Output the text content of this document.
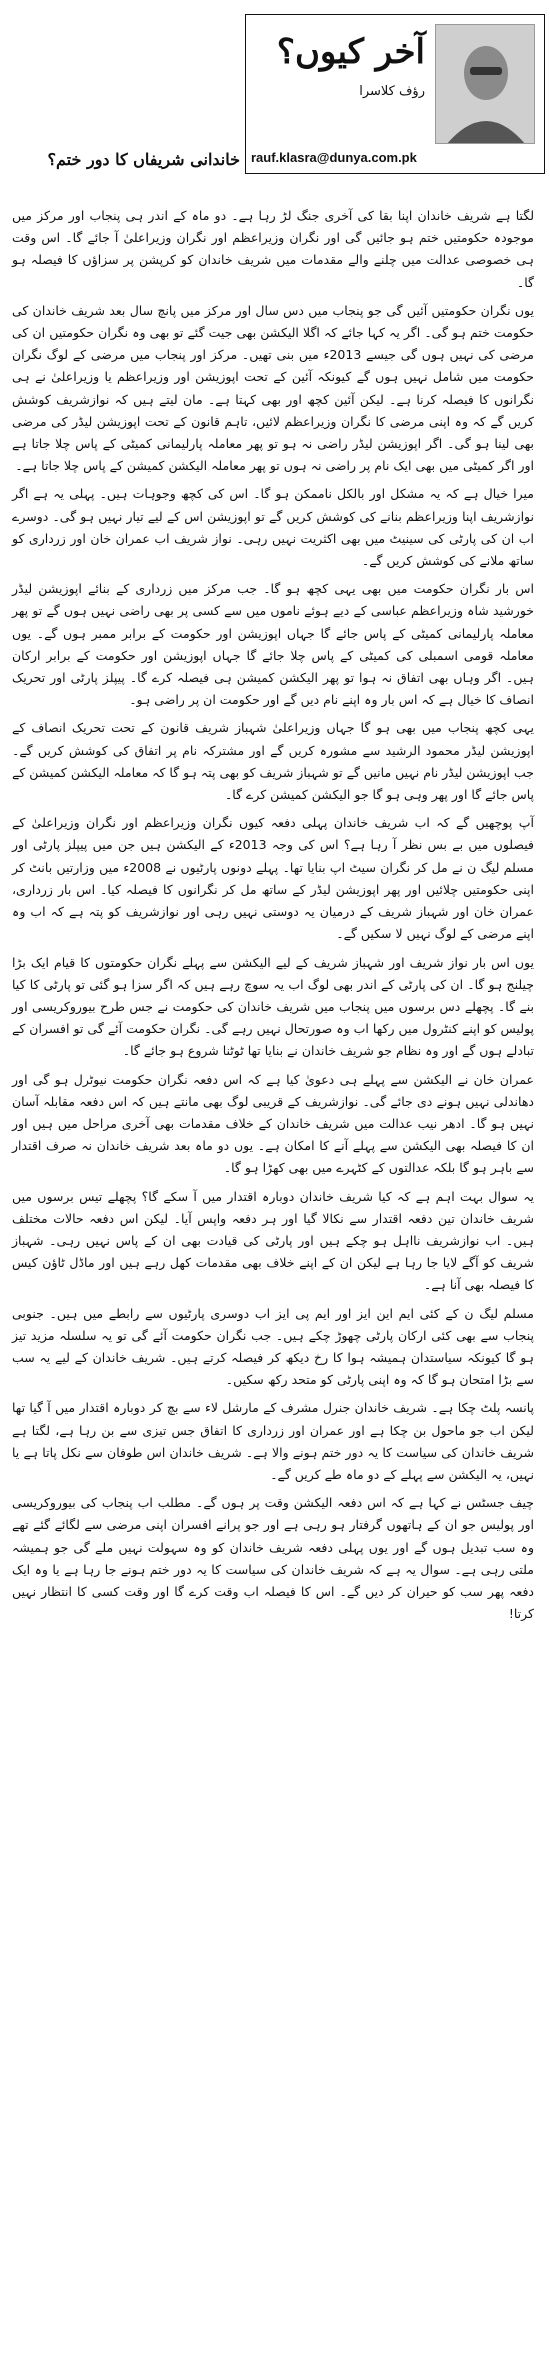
آخر کیوں؟
رؤف کلاسرا
rauf.klasra@dunya.com.pk
خاندانی شریفاں کا دور ختم؟

لگتا ہے شریف خاندان اپنا بقا کی آخری جنگ لڑ رہا ہے۔ دو ماہ کے اندر ہی پنجاب اور مرکز میں موجودہ حکومتیں ختم ہو جائیں گی اور نگران وزیراعظم اور نگران وزیراعلیٰ آ جائے گا۔ اس وقت ہی خصوصی عدالت میں چلنے والے مقدمات میں شریف خاندان کو کرپشن پر سزاؤں کا فیصلہ ہو گا۔

یوں نگران حکومتیں آئیں گی جو پنجاب میں دس سال اور مرکز میں پانچ سال بعد شریف خاندان کی حکومت ختم ہو گی۔ اگر یہ کہا جائے کہ اگلا الیکشن بھی جیت گئے تو بھی وہ نگران حکومتیں ان کی مرضی کی نہیں ہوں گی جیسے 2013ء میں بنی تھیں۔ مرکز اور پنجاب میں مرضی کے لوگ نگران حکومت میں شامل نہیں ہوں گے کیونکہ آئین کے تحت اپوزیشن اور وزیراعظم یا وزیراعلیٰ نے ہی نگرانوں کا فیصلہ کرنا ہے۔ لیکن آئین کچھ اور بھی کہتا ہے۔ مان لیتے ہیں کہ نوازشریف کوشش کریں گے کہ وہ اپنی مرضی کا نگران وزیراعظم لائیں، تاہم قانون کے تحت اپوزیشن لیڈر کی مرضی بھی لینا ہو گی۔ اگر اپوزیشن لیڈر راضی نہ ہو تو پھر معاملہ پارلیمانی کمیٹی کے پاس چلا جاتا ہے اور اگر کمیٹی میں بھی ایک نام پر راضی نہ ہوں تو پھر معاملہ الیکشن کمیشن کے پاس چلا جاتا ہے۔

میرا خیال ہے کہ یہ مشکل اور بالکل ناممکن ہو گا۔ اس کی کچھ وجوہات ہیں۔ پہلی یہ ہے اگر نوازشریف اپنا وزیراعظم بنانے کی کوشش کریں گے تو اپوزیشن اس کے لیے تیار نہیں ہو گی۔ دوسرے اب ان کی پارٹی کی سینیٹ میں بھی اکثریت نہیں رہی۔ نواز شریف اب عمران خان اور زرداری کو ساتھ ملانے کی کوشش کریں گے۔

اس بار نگران حکومت میں بھی یہی کچھ ہو گا۔ جب مرکز میں زرداری کے بنائے اپوزیشن لیڈر خورشید شاہ وزیراعظم عباسی کے دیے ہوئے ناموں میں سے کسی پر بھی راضی نہیں ہوں گے تو پھر معاملہ پارلیمانی کمیٹی کے پاس جائے گا جہاں اپوزیشن اور حکومت کے برابر ممبر ہوں گے۔ یوں معاملہ قومی اسمبلی کی کمیٹی کے پاس چلا جائے گا جہاں اپوزیشن اور حکومت کے برابر ارکان ہیں۔ اگر وہاں بھی اتفاق نہ ہوا تو پھر الیکشن کمیشن ہی فیصلہ کرے گا۔ پیپلز پارٹی اور تحریک انصاف کا خیال ہے کہ اس بار وہ اپنے نام دیں گے اور حکومت ان پر راضی ہو۔

یہی کچھ پنجاب میں بھی ہو گا جہاں وزیراعلیٰ شہباز شریف قانون کے تحت تحریک انصاف کے اپوزیشن لیڈر محمود الرشید سے مشورہ کریں گے اور مشترکہ نام پر اتفاق کی کوشش کریں گے۔ جب اپوزیشن لیڈر نام نہیں مانیں گے تو شہباز شریف کو بھی پتہ ہو گا کہ معاملہ الیکشن کمیشن کے پاس جائے گا اور پھر وہی ہو گا جو الیکشن کمیشن کرے گا۔

آپ پوچھیں گے کہ اب شریف خاندان پہلی دفعہ کیوں نگران وزیراعظم اور نگران وزیراعلیٰ کے فیصلوں میں بے بس نظر آ رہا ہے؟ اس کی وجہ 2013ء کے الیکشن ہیں جن میں پیپلز پارٹی اور مسلم لیگ ن نے مل کر نگران سیٹ اپ بنایا تھا۔ پہلے دونوں پارٹیوں نے 2008ء میں وزارتیں بانٹ کر اپنی حکومتیں چلائیں اور پھر اپوزیشن لیڈر کے ساتھ مل کر نگرانوں کا فیصلہ کیا۔ اس بار زرداری، عمران خان اور شہباز شریف کے درمیان یہ دوستی نہیں رہی اور نوازشریف کو پتہ ہے کہ اب وہ اپنے مرضی کے لوگ نہیں لا سکیں گے۔

یوں اس بار نواز شریف اور شہباز شریف کے لیے الیکشن سے پہلے نگران حکومتوں کا قیام ایک بڑا چیلنج ہو گا۔ ان کی پارٹی کے اندر بھی لوگ اب یہ سوچ رہے ہیں کہ اگر سزا ہو گئی تو پارٹی کا کیا بنے گا۔ پچھلے دس برسوں میں پنجاب میں شریف خاندان کی حکومت نے جس طرح بیوروکریسی اور پولیس کو اپنے کنٹرول میں رکھا اب وہ صورتحال نہیں رہے گی۔ نگران حکومت آئے گی تو افسران کے تبادلے ہوں گے اور وہ نظام جو شریف خاندان نے بنایا تھا ٹوٹنا شروع ہو جائے گا۔

عمران خان نے الیکشن سے پہلے ہی دعویٰ کیا ہے کہ اس دفعہ نگران حکومت نیوٹرل ہو گی اور دھاندلی نہیں ہونے دی جائے گی۔ نوازشریف کے قریبی لوگ بھی مانتے ہیں کہ اس دفعہ مقابلہ آسان نہیں ہو گا۔ ادھر نیب عدالت میں شریف خاندان کے خلاف مقدمات بھی آخری مراحل میں ہیں اور ان کا فیصلہ بھی الیکشن سے پہلے آنے کا امکان ہے۔ یوں دو ماہ بعد شریف خاندان نہ صرف اقتدار سے باہر ہو گا بلکہ عدالتوں کے کٹہرے میں بھی کھڑا ہو گا۔

یہ سوال بہت اہم ہے کہ کیا شریف خاندان دوبارہ اقتدار میں آ سکے گا؟ پچھلے تیس برسوں میں شریف خاندان تین دفعہ اقتدار سے نکالا گیا اور ہر دفعہ واپس آیا۔ لیکن اس دفعہ حالات مختلف ہیں۔ اب نوازشریف نااہل ہو چکے ہیں اور پارٹی کی قیادت بھی ان کے پاس نہیں رہی۔ شہباز شریف کو آگے لایا جا رہا ہے لیکن ان کے اپنے خلاف بھی مقدمات کھل رہے ہیں اور ماڈل ٹاؤن کیس کا فیصلہ بھی آنا ہے۔

مسلم لیگ ن کے کئی ایم این ایز اور ایم پی ایز اب دوسری پارٹیوں سے رابطے میں ہیں۔ جنوبی پنجاب سے بھی کئی ارکان پارٹی چھوڑ چکے ہیں۔ جب نگران حکومت آئے گی تو یہ سلسلہ مزید تیز ہو گا کیونکہ سیاستدان ہمیشہ ہوا کا رخ دیکھ کر فیصلہ کرتے ہیں۔ شریف خاندان کے لیے یہ سب سے بڑا امتحان ہو گا کہ وہ اپنی پارٹی کو متحد رکھ سکیں۔

پانسہ پلٹ چکا ہے۔ شریف خاندان جنرل مشرف کے مارشل لاء سے بچ کر دوبارہ اقتدار میں آ گیا تھا لیکن اب جو ماحول بن چکا ہے اور عمران اور زرداری کا اتفاق جس تیزی سے بن رہا ہے، لگتا ہے شریف خاندان کی سیاست کا یہ دور ختم ہونے والا ہے۔ شریف خاندان اس طوفان سے نکل پاتا ہے یا نہیں، یہ الیکشن سے پہلے کے دو ماہ طے کریں گے۔

چیف جسٹس نے کہا ہے کہ اس دفعہ الیکشن وقت پر ہوں گے۔ مطلب اب پنجاب کی بیوروکریسی اور پولیس جو ان کے ہاتھوں گرفتار ہو رہی ہے اور جو پرانے افسران اپنی مرضی سے لگائے گئے تھے وہ سب تبدیل ہوں گے اور یوں پہلی دفعہ شریف خاندان کو وہ سہولت نہیں ملے گی جو ہمیشہ ملتی رہی ہے۔ سوال یہ ہے کہ شریف خاندان کی سیاست کا یہ دور ختم ہونے جا رہا ہے یا وہ ایک دفعہ پھر سب کو حیران کر دیں گے۔ اس کا فیصلہ اب وقت کرے گا اور وقت کسی کا انتظار نہیں کرتا!
